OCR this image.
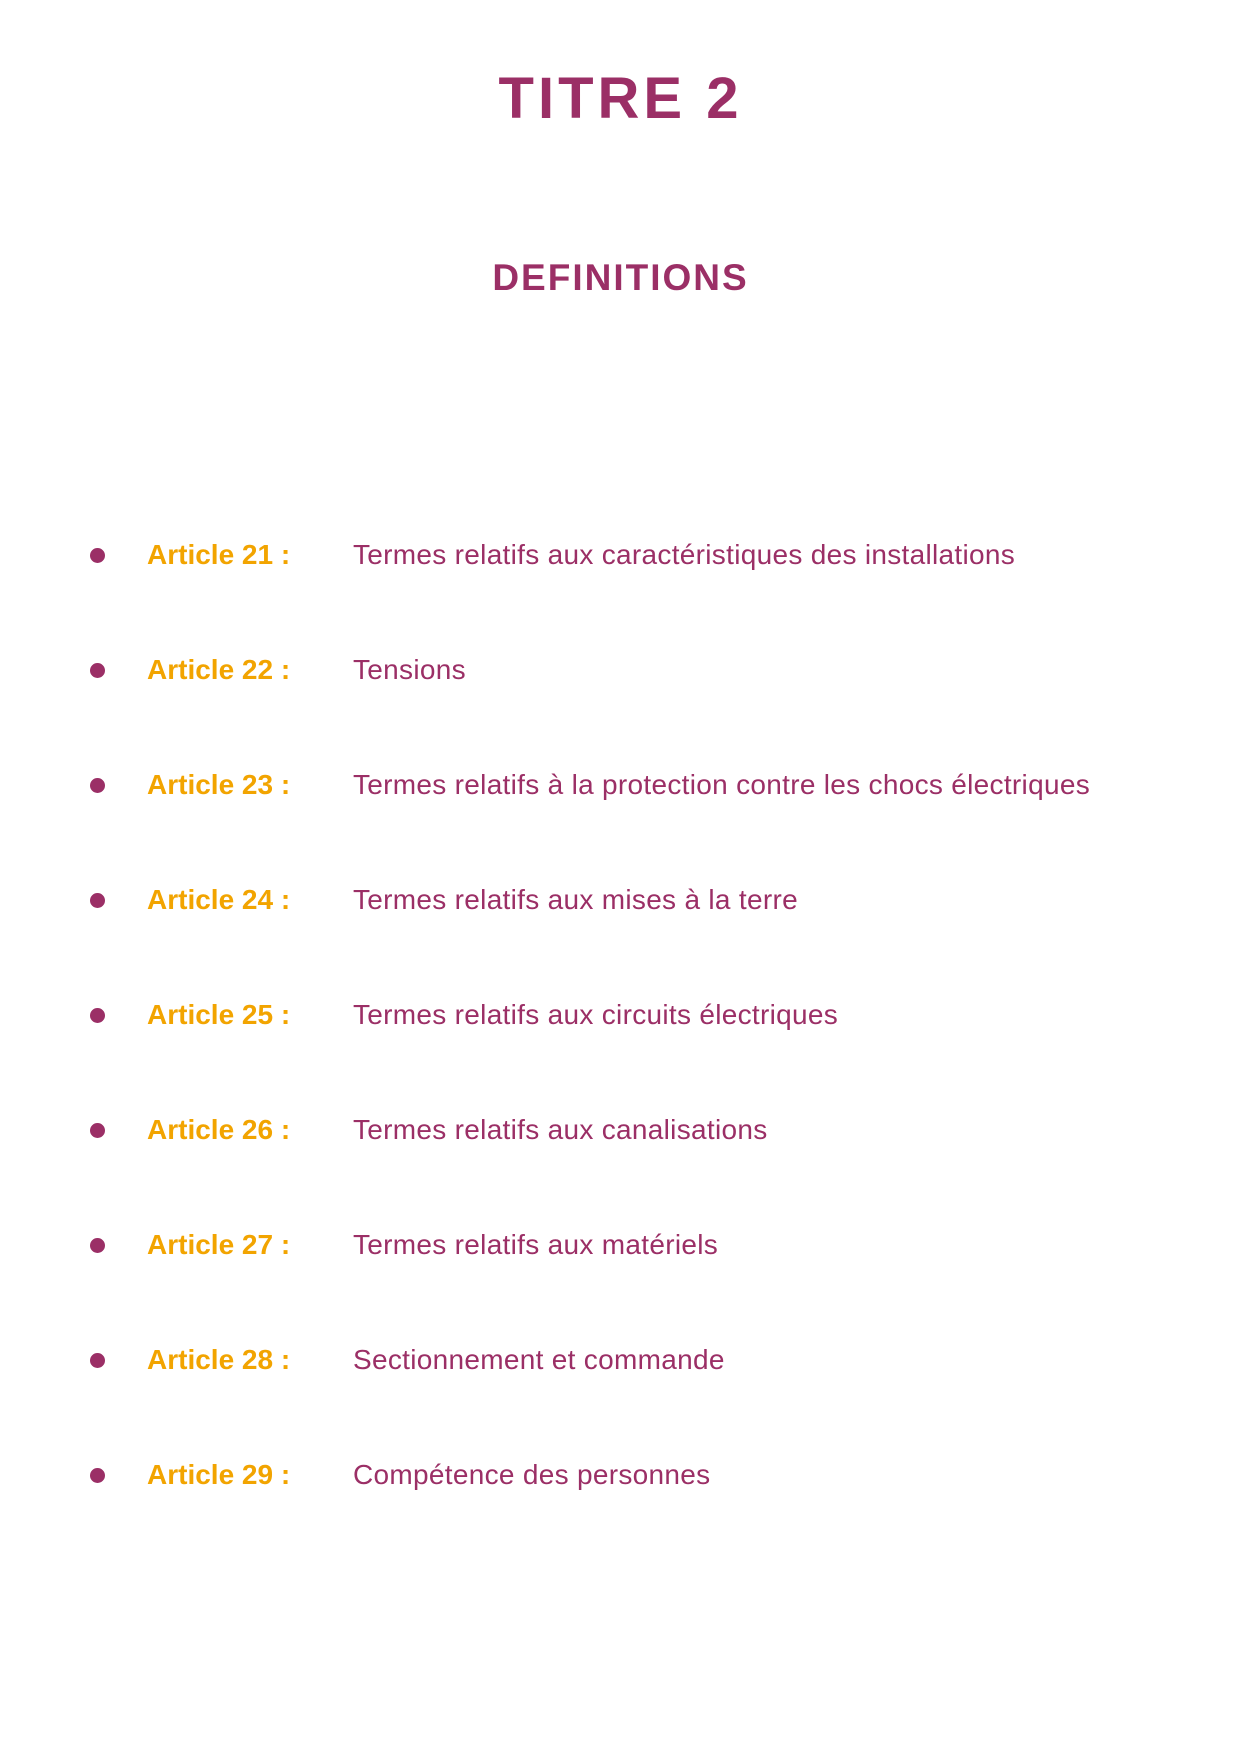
TITRE 2
DEFINITIONS
Article 21 : Termes relatifs aux caractéristiques des installations
Article 22 : Tensions
Article 23 : Termes relatifs à la protection contre les chocs électriques
Article 24 : Termes relatifs aux mises à la terre
Article 25 : Termes relatifs aux circuits électriques
Article 26 : Termes relatifs aux canalisations
Article 27 : Termes relatifs aux matériels
Article 28 : Sectionnement et commande
Article 29 : Compétence des personnes
